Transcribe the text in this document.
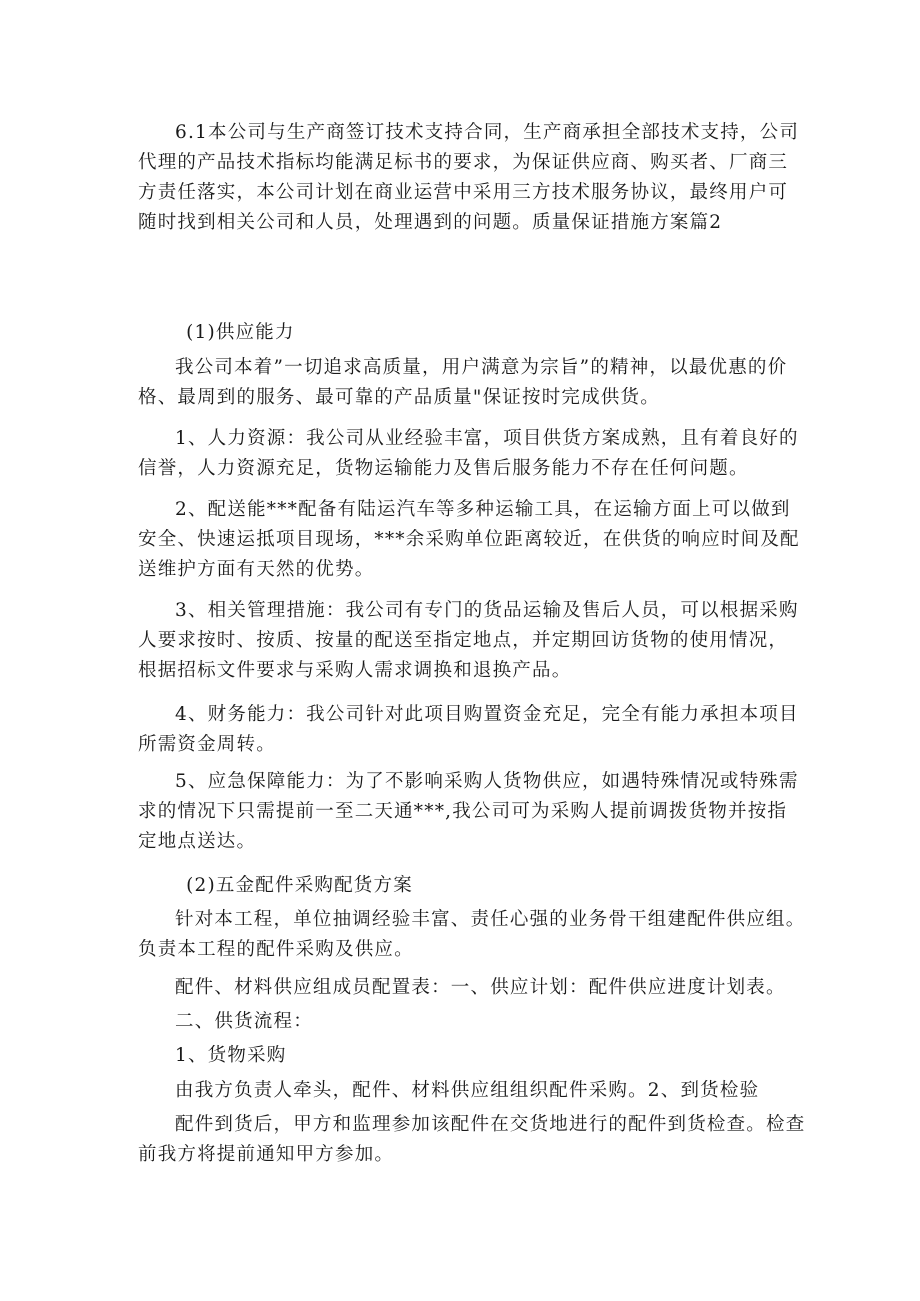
6.1本公司与生产商签订技术支持合同，生产商承担全部技术支持，公司代理的产品技术指标均能满足标书的要求，为保证供应商、购买者、厂商三方责任落实，本公司计划在商业运营中采用三方技术服务协议，最终用户可随时找到相关公司和人员，处理遇到的问题。质量保证措施方案篇2

(1)供应能力

我公司本着”一切追求高质量，用户满意为宗旨”的精神，以最优惠的价格、最周到的服务、最可靠的产品质量"保证按时完成供货。

1、人力资源：我公司从业经验丰富，项目供货方案成熟，且有着良好的信誉，人力资源充足，货物运输能力及售后服务能力不存在任何问题。

2、配送能***配备有陆运汽车等多种运输工具，在运输方面上可以做到安全、快速运抵项目现场，***余采购单位距离较近，在供货的响应时间及配送维护方面有天然的优势。

3、相关管理措施：我公司有专门的货品运输及售后人员，可以根据采购人要求按时、按质、按量的配送至指定地点，并定期回访货物的使用情况，根据招标文件要求与采购人需求调换和退换产品。

4、财务能力：我公司针对此项目购置资金充足，完全有能力承担本项目所需资金周转。

5、应急保障能力：为了不影响采购人货物供应，如遇特殊情况或特殊需求的情况下只需提前一至二天通***,我公司可为采购人提前调拨货物并按指定地点送达。

(2)五金配件采购配货方案

针对本工程，单位抽调经验丰富、责任心强的业务骨干组建配件供应组。负责本工程的配件采购及供应。

配件、材料供应组成员配置表：一、供应计划：配件供应进度计划表。

二、供货流程：

1、货物采购

由我方负责人牵头，配件、材料供应组组织配件采购。2、到货检验

配件到货后，甲方和监理参加该配件在交货地进行的配件到货检查。检查前我方将提前通知甲方参加。
